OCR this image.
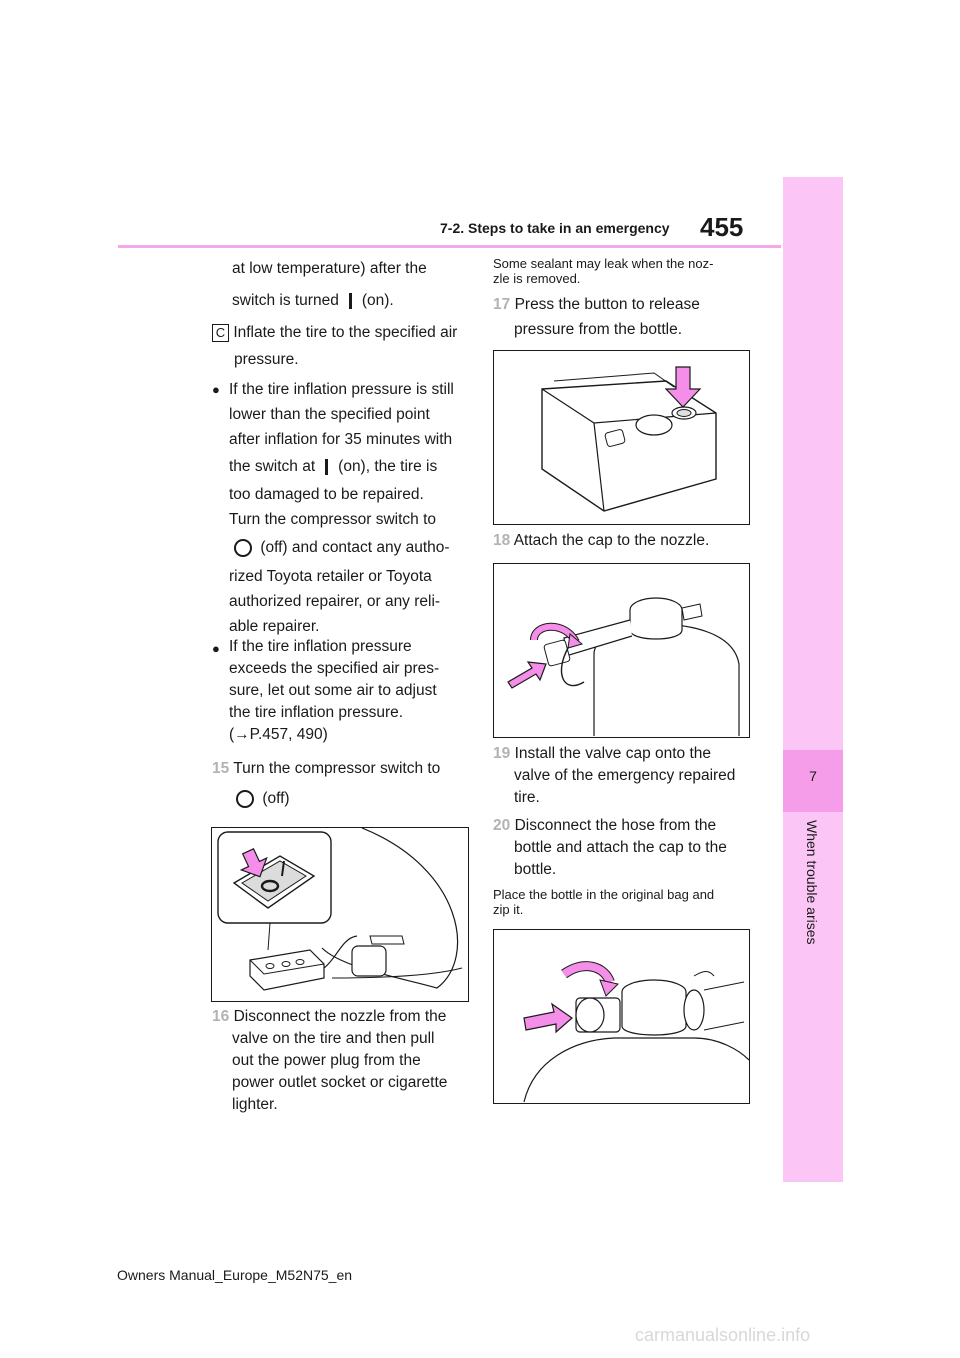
455
7-2. Steps to take in an emergency
7
When trouble arises
at low temperature) after the
switch is turned (on).
C Inflate the tire to the specified air
pressure.
● If the tire inflation pressure is still
lower than the specified point
after inflation for 35 minutes with
the switch at (on), the tire is
too damaged to be repaired.
Turn the compressor switch to
(off) and contact any autho-
rized Toyota retailer or Toyota
authorized repairer, or any reli-
able repairer.
● If the tire inflation pressure
exceeds the specified air pres-
sure, let out some air to adjust
the tire inflation pressure.
(→P.457, 490)
15 Turn the compressor switch to
(off)
16 Disconnect the nozzle from the
valve on the tire and then pull
out the power plug from the
power outlet socket or cigarette
lighter.
Some sealant may leak when the noz-
zle is removed.
17 Press the button to release
pressure from the bottle.
18 Attach the cap to the nozzle.
19 Install the valve cap onto the
valve of the emergency repaired
tire.
20 Disconnect the hose from the
bottle and attach the cap to the
bottle.
Place the bottle in the original bag and
zip it.
Owners Manual_Europe_M52N75_en
carmanualsonline.info
